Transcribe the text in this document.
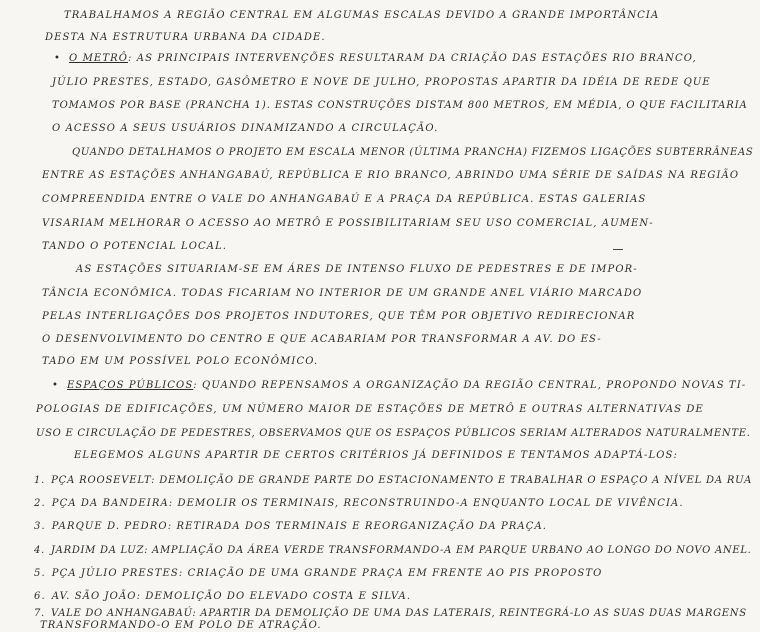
TRABALHAMOS A REGIÃO CENTRAL EM ALGUMAS ESCALAS DEVIDO A GRANDE IMPORTÂNCIA
DESTA NA ESTRUTURA URBANA DA CIDADE.
• O METRÔ: AS PRINCIPAIS INTERVENÇÕES RESULTARAM DA CRIAÇÃO DAS ESTAÇÕES RIO BRANCO,
JÚLIO PRESTES, ESTADO, GASÔMETRO E NOVE DE JULHO, PROPOSTAS APARTIR DA IDÉIA DE REDE QUE
TOMAMOS POR BASE (PRANCHA 1). ESTAS CONSTRUÇÕES DISTAM 800 METROS, EM MÉDIA, O QUE FACILITARIA
O ACESSO A SEUS USUÁRIOS DINAMIZANDO A CIRCULAÇÃO.
QUANDO DETALHAMOS O PROJETO EM ESCALA MENOR (ÚLTIMA PRANCHA) FIZEMOS LIGAÇÕES SUBTERRÂNEAS
ENTRE AS ESTAÇÕES ANHANGABAÚ, REPÚBLICA E RIO BRANCO, ABRINDO UMA SÉRIE DE SAÍDAS NA REGIÃO
COMPREENDIDA ENTRE O VALE DO ANHANGABAÚ E A PRAÇA DA REPÚBLICA. ESTAS GALERIAS
VISARIAM MELHORAR O ACESSO AO METRÔ E POSSIBILITARIAM SEU USO COMERCIAL, AUMEN-
TANDO O POTENCIAL LOCAL.
AS ESTAÇÕES SITUARIAM-SE EM ÁRES DE INTENSO FLUXO DE PEDESTRES E DE IMPOR-
TÂNCIA ECONÔMICA. TODAS FICARIAM NO INTERIOR DE UM GRANDE ANEL VIÁRIO MARCADO
PELAS INTERLIGAÇÕES DOS PROJETOS INDUTORES, QUE TÊM POR OBJETIVO REDIRECIONAR
O DESENVOLVIMENTO DO CENTRO E QUE ACABARIAM POR TRANSFORMAR A AV. DO ES-
TADO EM UM POSSÍVEL POLO ECONÔMICO.
• ESPAÇOS PÚBLICOS: QUANDO REPENSAMOS A ORGANIZAÇÃO DA REGIÃO CENTRAL, PROPONDO NOVAS TI-
POLOGIAS DE EDIFICAÇÕES, UM NÚMERO MAIOR DE ESTAÇÕES DE METRÔ E OUTRAS ALTERNATIVAS DE
USO E CIRCULAÇÃO DE PEDESTRES, OBSERVAMOS QUE OS ESPAÇOS PÚBLICOS SERIAM ALTERADOS NATURALMENTE.
ELEGEMOS ALGUNS APARTIR DE CERTOS CRITÉRIOS JÁ DEFINIDOS E TENTAMOS ADAPTÁ-LOS:
1. PÇA ROOSEVELT: DEMOLIÇÃO DE GRANDE PARTE DO ESTACIONAMENTO E TRABALHAR O ESPAÇO A NÍVEL DA RUA
2. PÇA DA BANDEIRA: DEMOLIR OS TERMINAIS, RECONSTRUINDO-A ENQUANTO LOCAL DE VIVÊNCIA.
3. PARQUE D. PEDRO: RETIRADA DOS TERMINAIS E REORGANIZAÇÃO DA PRAÇA.
4. JARDIM DA LUZ: AMPLIAÇÃO DA ÁREA VERDE TRANSFORMANDO-A EM PARQUE URBANO AO LONGO DO NOVO ANEL.
5. PÇA JÚLIO PRESTES: CRIAÇÃO DE UMA GRANDE PRAÇA EM FRENTE AO PIS PROPOSTO
6. AV. SÃO JOÃO: DEMOLIÇÃO DO ELEVADO COSTA E SILVA.
7. VALE DO ANHANGABAÚ: APARTIR DA DEMOLIÇÃO DE UMA DAS LATERAIS, REINTEGRÁ-LO AS SUAS DUAS MARGENS
TRANSFORMANDO-O EM POLO DE ATRAÇÃO.
